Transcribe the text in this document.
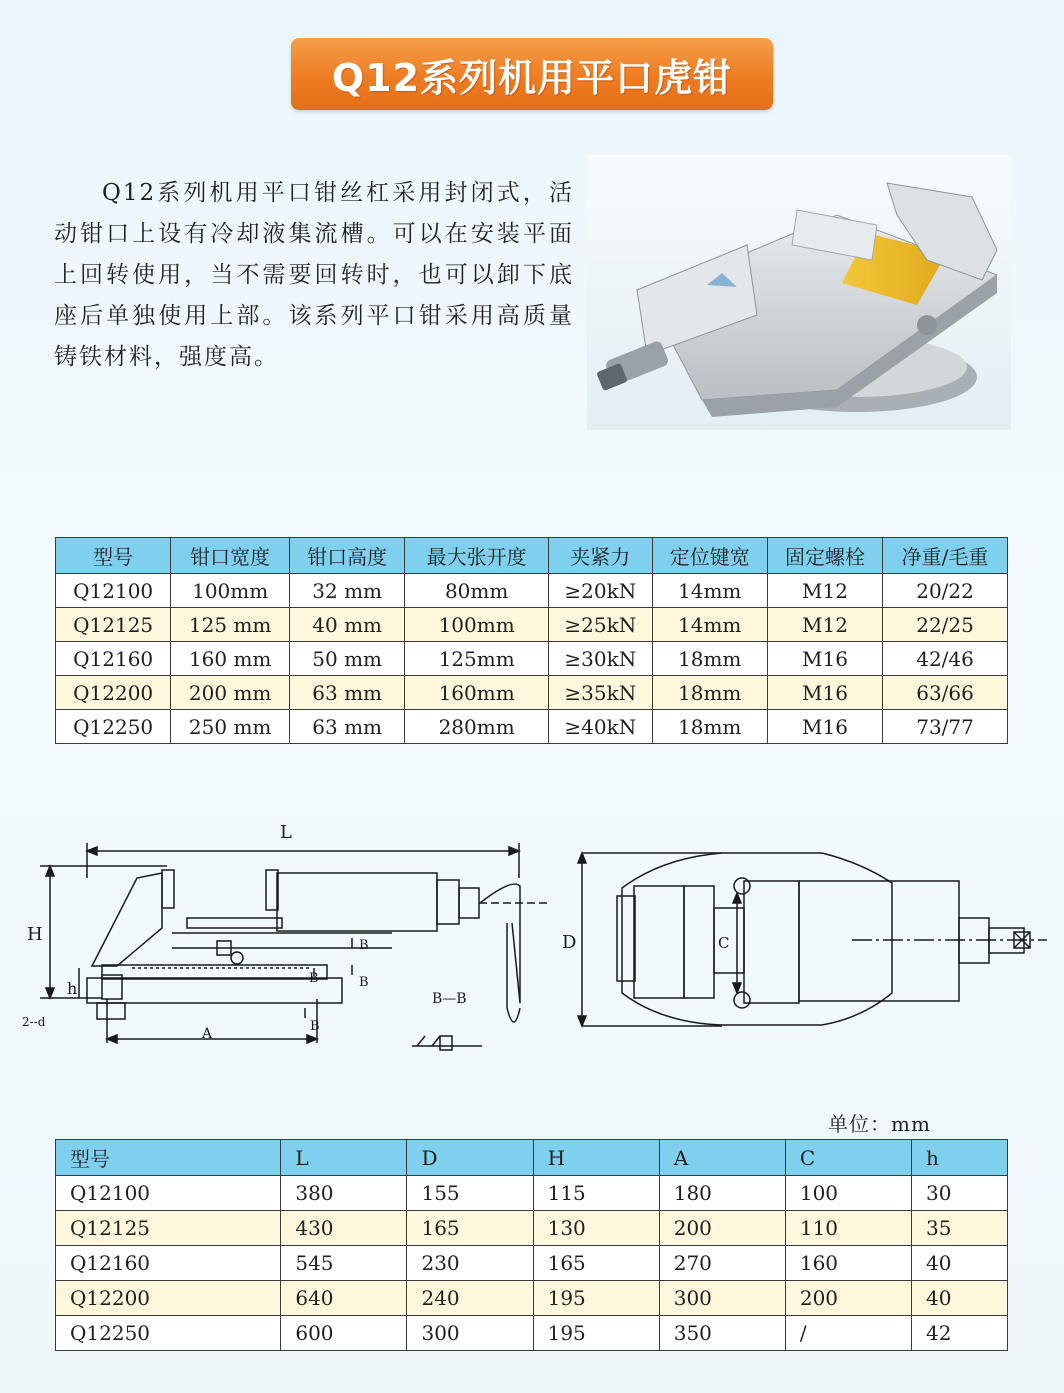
Q12系列机用平口虎钳

Q12系列机用平口钳丝杠采用封闭式，活动钳口上设有冷却液集流槽。可以在安装平面上回转使用，当不需要回转时，也可以卸下底座后单独使用上部。该系列平口钳采用高质量铸铁材料，强度高。

型号	钳口宽度	钳口高度	最大张开度	夹紧力	定位键宽	固定螺栓	净重/毛重
Q12100	100mm	32 mm	80mm	≥20kN	14mm	M12	20/22
Q12125	125 mm	40 mm	100mm	≥25kN	14mm	M12	22/25
Q12160	160 mm	50 mm	125mm	≥30kN	18mm	M16	42/46
Q12200	200 mm	63 mm	160mm	≥35kN	18mm	M16	63/66
Q12250	250 mm	63 mm	280mm	≥40kN	18mm	M16	73/77
L
H
h
A
2--d
B
B
B
B
B—B
D	C
单位：mm
型号	L	D	H	A	C	h
Q12100	380	155	115	180	100	30
Q12125	430	165	130	200	110	35
Q12160	545	230	165	270	160	40
Q12200	640	240	195	300	200	40
Q12250	600	300	195	350	/	42
